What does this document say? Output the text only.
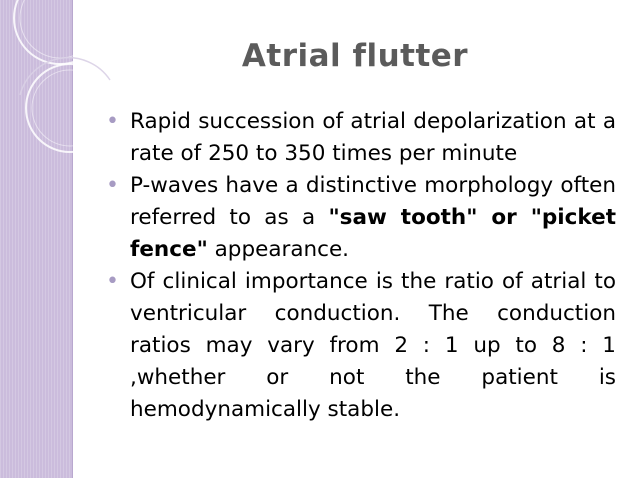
Atrial flutter
• Rapid succession of atrial depolarization at a rate of 250 to 350 times per minute
• P-waves have a distinctive morphology often referred to as a "saw tooth" or "picket fence" appearance.
• Of clinical importance is the ratio of atrial to ventricular conduction. The conduction ratios may vary from 2 : 1 up to 8 : 1 ,whether or not the patient is hemodynamically stable.
